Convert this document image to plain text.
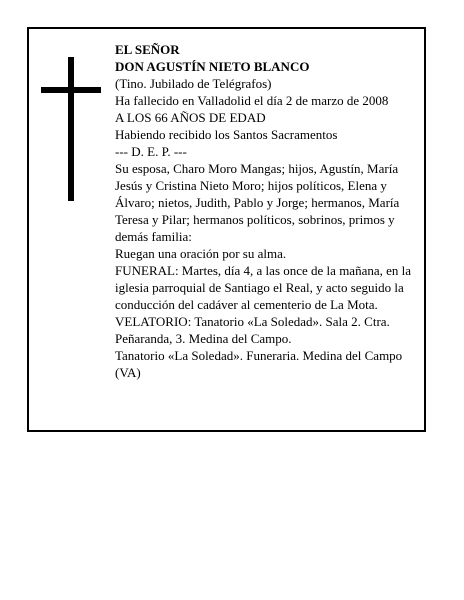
EL SEÑOR

DON AGUSTÍN NIETO BLANCO

(Tino. Jubilado de Telégrafos)

Ha fallecido en Valladolid el día 2 de marzo de 2008

A LOS 66 AÑOS DE EDAD

Habiendo recibido los Santos Sacramentos

--- D. E. P. ---

Su esposa, Charo Moro Mangas; hijos, Agustín, María Jesús y Cristina Nieto Moro; hijos políticos, Elena y Álvaro; nietos, Judith, Pablo y Jorge; hermanos, María Teresa y Pilar; hermanos políticos, sobrinos, primos y demás familia:

Ruegan una oración por su alma.

FUNERAL: Martes, día 4, a las once de la mañana, en la iglesia parroquial de Santiago el Real, y acto seguido la conducción del cadáver al cementerio de La Mota.

VELATORIO: Tanatorio «La Soledad». Sala 2. Ctra. Peñaranda, 3. Medina del Campo.

Tanatorio «La Soledad». Funeraria. Medina del Campo (VA)
